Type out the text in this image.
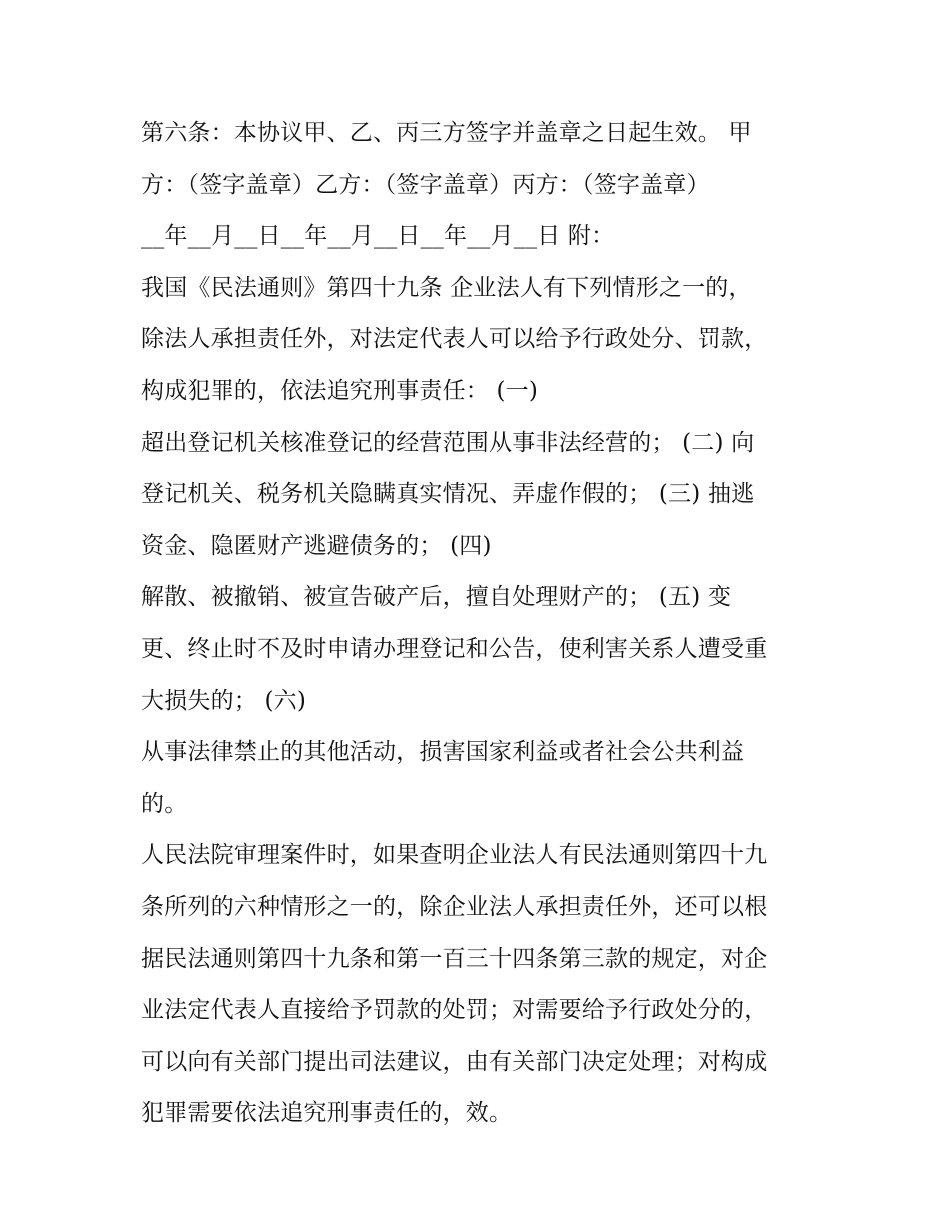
第六条：本协议甲、乙、丙三方签字并盖章之日起生效。 甲
方：（签字盖章）乙方：（签字盖章）丙方：（签字盖章）
__年__月__日__年__月__日__年__月__日 附：
我国《民法通则》第四十九条 企业法人有下列情形之一的，
除法人承担责任外，对法定代表人可以给予行政处分、罚款，
构成犯罪的，依法追究刑事责任： (一)
超出登记机关核准登记的经营范围从事非法经营的； (二) 向
登记机关、税务机关隐瞒真实情况、弄虚作假的； (三) 抽逃
资金、隐匿财产逃避债务的； (四)
解散、被撤销、被宣告破产后，擅自处理财产的； (五) 变
更、终止时不及时申请办理登记和公告，使利害关系人遭受重
大损失的； (六)
从事法律禁止的其他活动，损害国家利益或者社会公共利益
的。
人民法院审理案件时，如果查明企业法人有民法通则第四十九
条所列的六种情形之一的，除企业法人承担责任外，还可以根
据民法通则第四十九条和第一百三十四条第三款的规定，对企
业法定代表人直接给予罚款的处罚；对需要给予行政处分的，
可以向有关部门提出司法建议，由有关部门决定处理；对构成
犯罪需要依法追究刑事责任的，效。
